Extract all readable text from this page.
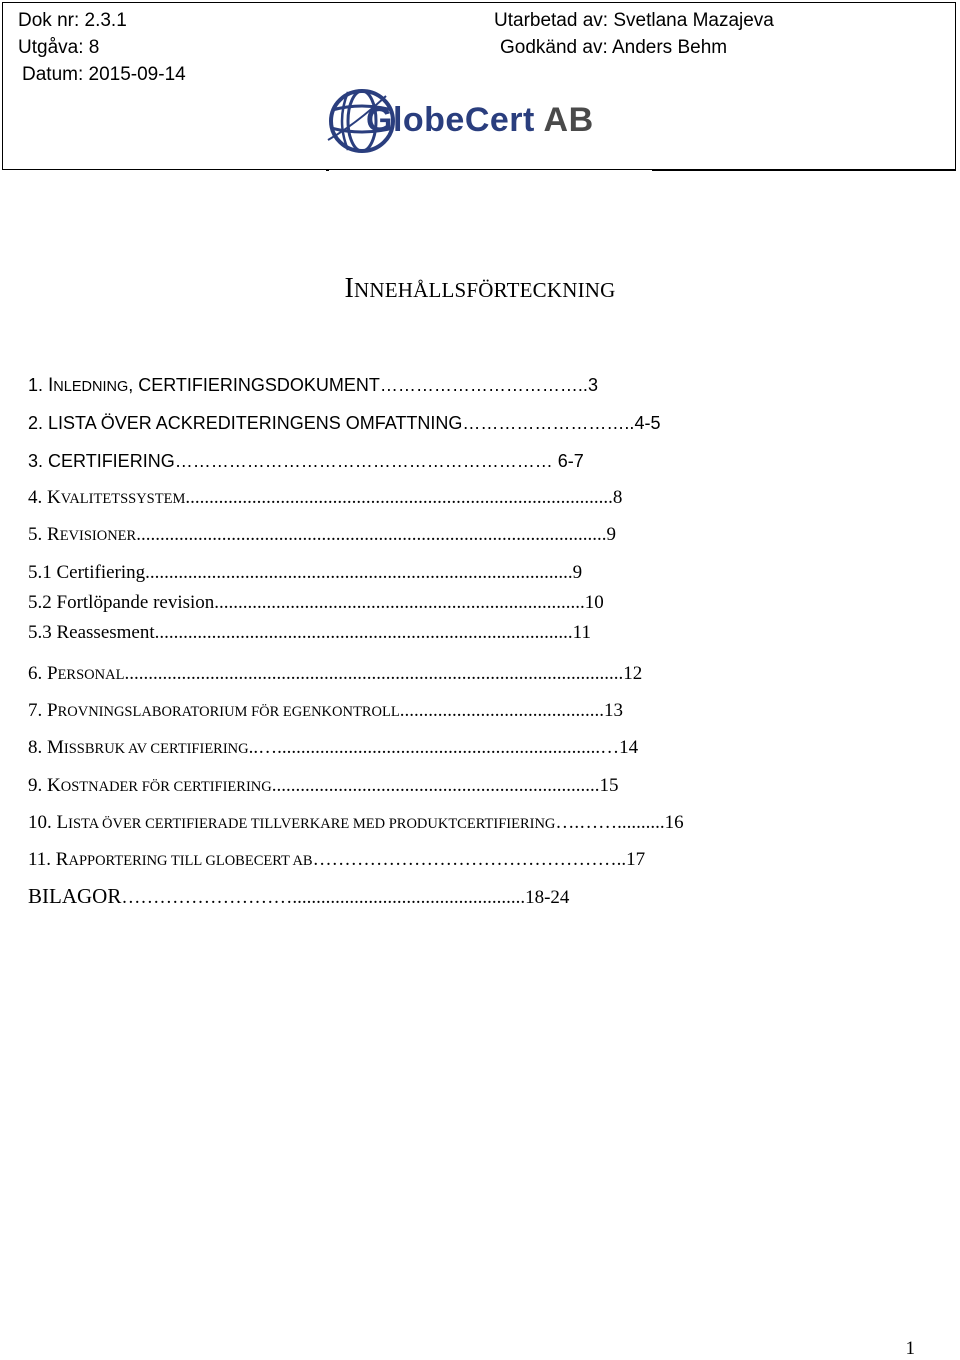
Dok nr: 2.3.1
Utgåva: 8
Datum: 2015-09-14
Utarbetad av: Svetlana Mazajeva
Godkänd av: Anders Behm
GlobeCert AB
INNEHÅLLSFÖRTECKNING
1. INLEDNING, CERTIFIERINGSDOKUMENT……………………………..3
2. LISTA ÖVER ACKREDITERINGENS OMFATTNING………………………..4-5
3. CERTIFIERING……………………………………………………… 6-7
4. KVALITETSSYSTEM..........................................................................................8
5. REVISIONER...................................................................................................9
5.1 Certifiering..........................................................................................9
5.2 Fortlöpande revision..............................................................................10
5.3 Reassesment........................................................................................11
6. PERSONAL.........................................................................................................12
7. PROVNINGSLABORATORIUM FÖR EGENKONTROLL...........................................13
8. MISSBRUK AV CERTIFIERING..…....................................................................…14
9. KOSTNADER FÖR CERTIFIERING.....................................................................15
10. LISTA ÖVER CERTIFIERADE TILLVERKARE MED PRODUKTCERTIFIERING….……..........16
11. RAPPORTERING TILL GLOBECERT AB…………………………………………..17
BILAGOR……………………….................................................18-24
1
